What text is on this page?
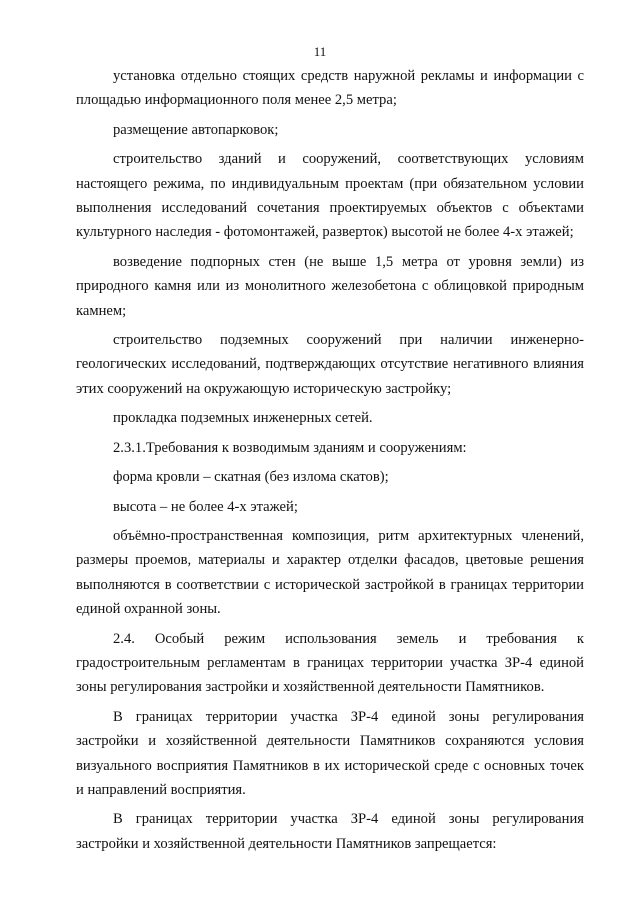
11

установка отдельно стоящих средств наружной рекламы и информации с площадью информационного поля менее 2,5 метра;

размещение автопарковок;

строительство зданий и сооружений, соответствующих условиям настоящего режима, по индивидуальным проектам (при обязательном условии выполнения исследований сочетания проектируемых объектов с объектами культурного наследия - фотомонтажей, разверток) высотой не более 4-х этажей;

возведение подпорных стен (не выше 1,5 метра от уровня земли) из природного камня или из монолитного железобетона с облицовкой природным камнем;

строительство подземных сооружений при наличии инженерно-геологических исследований, подтверждающих отсутствие негативного влияния этих сооружений на окружающую историческую застройку;

прокладка подземных инженерных сетей.

2.3.1.Требования к возводимым зданиям и сооружениям:

форма кровли – скатная (без излома скатов);

высота – не более 4-х этажей;

объёмно-пространственная композиция, ритм архитектурных членений, размеры проемов, материалы и характер отделки фасадов, цветовые решения выполняются в соответствии с исторической застройкой в границах территории единой охранной зоны.

2.4. Особый режим использования земель и требования к градостроительным регламентам в границах территории участка ЗР-4 единой зоны регулирования застройки и хозяйственной деятельности Памятников.

В границах территории участка ЗР-4 единой зоны регулирования застройки и хозяйственной деятельности Памятников сохраняются условия визуального восприятия Памятников в их исторической среде с основных точек и направлений восприятия.

В границах территории участка ЗР-4 единой зоны регулирования застройки и хозяйственной деятельности Памятников запрещается:
